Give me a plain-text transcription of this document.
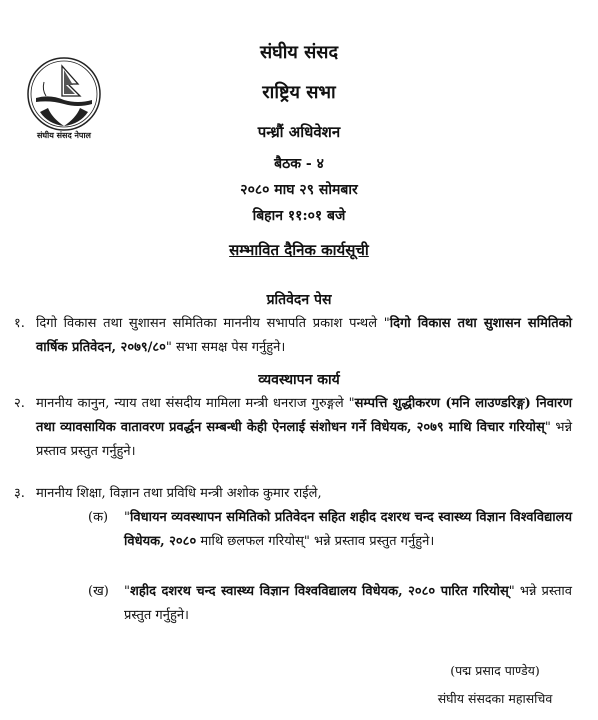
संघीय संसद नेपाल
संघीय संसद
राष्ट्रिय सभा
पन्ध्रौं अधिवेशन
बैठक - ४
२०८० माघ २९ सोमबार
बिहान ११:०१ बजे
सम्भावित दैनिक कार्यसूची
प्रतिवेदन पेस
१. दिगो विकास तथा सुशासन समितिका माननीय सभापति प्रकाश पन्थले "दिगो विकास तथा सुशासन समितिको वार्षिक प्रतिवेदन, २०७९/८०" सभा समक्ष पेस गर्नुहुने।
व्यवस्थापन कार्य
२. माननीय कानुन, न्याय तथा संसदीय मामिला मन्त्री धनराज गुरुङ्गले "सम्पत्ति शुद्धीकरण (मनि लाउण्डरिङ्ग) निवारण तथा व्यावसायिक वातावरण प्रवर्द्धन सम्बन्धी केही ऐनलाई संशोधन गर्ने विधेयक, २०७९ माथि विचार गरियोस्" भन्ने प्रस्ताव प्रस्तुत गर्नुहुने।
३. माननीय शिक्षा, विज्ञान तथा प्रविधि मन्त्री अशोक कुमार राईले,
(क) "विधायन व्यवस्थापन समितिको प्रतिवेदन सहित शहीद दशरथ चन्द स्वास्थ्य विज्ञान विश्वविद्यालय विधेयक, २०८० माथि छलफल गरियोस्" भन्ने प्रस्ताव प्रस्तुत गर्नुहुने।
(ख) "शहीद दशरथ चन्द स्वास्थ्य विज्ञान विश्वविद्यालय विधेयक, २०८० पारित गरियोस्" भन्ने प्रस्ताव प्रस्तुत गर्नुहुने।
(पद्म प्रसाद पाण्डेय)
संघीय संसदका महासचिव
